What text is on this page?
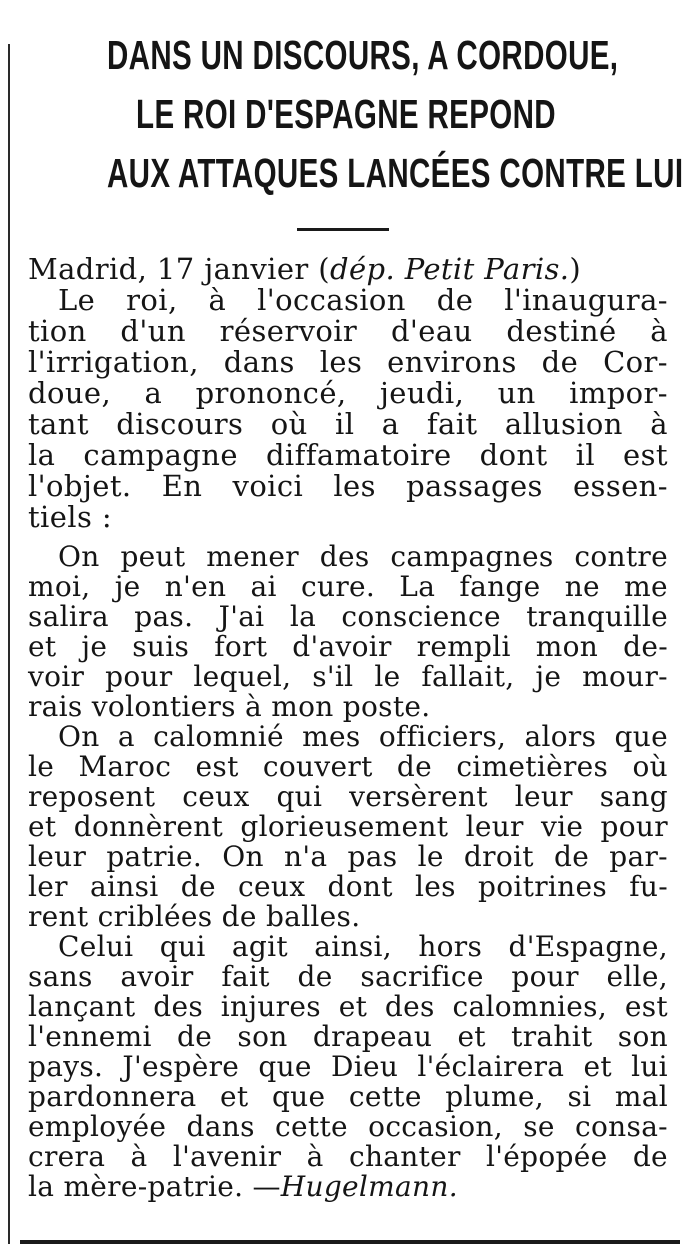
DANS UN DISCOURS, A CORDOUE,
LE ROI D'ESPAGNE REPOND
AUX ATTAQUES LANCÉES CONTRE LUI
Madrid, 17 janvier ( dép. Petit Paris. )
Le roi, à l'occasion de l'inaugura-
tion d'un réservoir d'eau destiné à
l'irrigation, dans les environs de Cor-
doue, a prononcé, jeudi, un impor-
tant discours où il a fait allusion à
la campagne diffamatoire dont il est
l'objet. En voici les passages essen-
tiels :
On peut mener des campagnes contre
moi, je n'en ai cure. La fange ne me
salira pas. J'ai la conscience tranquille
et je suis fort d'avoir rempli mon de-
voir pour lequel, s'il le fallait, je mour-
rais volontiers à mon poste.
On a calomnié mes officiers, alors que
le Maroc est couvert de cimetières où
reposent ceux qui versèrent leur sang
et donnèrent glorieusement leur vie pour
leur patrie. On n'a pas le droit de par-
ler ainsi de ceux dont les poitrines fu-
rent criblées de balles.
Celui qui agit ainsi, hors d'Espagne,
sans avoir fait de sacrifice pour elle,
lançant des injures et des calomnies, est
l'ennemi de son drapeau et trahit son
pays. J'espère que Dieu l'éclairera et lui
pardonnera et que cette plume, si mal
employée dans cette occasion, se consa-
crera à l'avenir à chanter l'épopée de
la mère-patrie. — Hugelmann.
